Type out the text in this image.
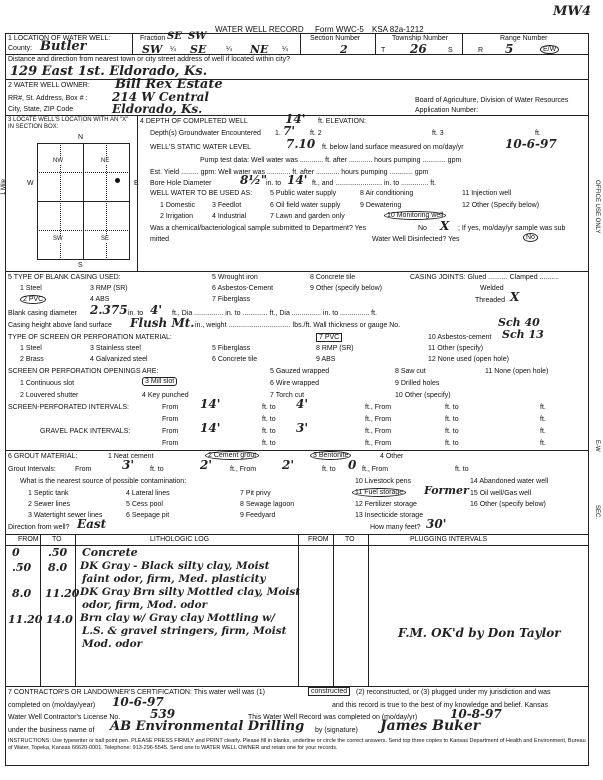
MW4
WATER WELL RECORD Form WWC-5 KSA 82a-1212
1 LOCATION OF WATER WELL:
County: Butler
Fraction SE SW
SW ¼ SE	¼ NE ¼
Section Number
2
Township Number
T 26	S
Range Number
R 5	E/W
Distance and direction from nearest town or city street address of well if located within city?
129 East 1st. Eldorado, Ks.
2 WATER WELL OWNER: Bill Rex Estate
RR#, St. Address, Box # : 214 W Central
City, State, ZIP Code	Eldorado, Ks.
Board of Agriculture, Division of Water Resources
Application Number:
3 LOCATE WELL'S LOCATION WITH AN "X" IN SECTION BOX:
N
S
W	E
1 Mile
NW	NE
SW	SE
4 DEPTH OF COMPLETED WELL	14' ft. ELEVATION:
Depth(s) Groundwater Encountered 1. 7' ft. 2	ft. 3	ft.
WELL'S STATIC WATER LEVEL	7.10 ft. below land surface measured on mo/day/yr	10-6-97
Pump test data: Well water was ............ ft. after ............ hours pumping ............ gpm
Est. Yield ......... gpm: Well water was ............ ft. after ............ hours pumping ............ gpm
Bore Hole Diameter 8½"
in. to 14' ft., and ........................ in. to .............. ft.
WELL WATER TO BE USED AS:
1 Domestic
2 Irrigation
3 Feedlot
4 Industrial
5 Public water supply
7 Lawn and garden only
6 Oil field water supply
8 Air conditioning
9 Dewatering
10 Monitoring well
11 Injection well
12 Other (Specify below)
Was a chemical/bacteriological sample submitted to Department? Yes	No X ; If yes, mo/day/yr sample was sub
mitted	Water Well Disinfected? Yes	No
5 TYPE OF BLANK CASING USED:
1 Steel
2 PVC
3 RMP (SR)
4 ABS
5 Wrought iron
6 Asbestos-Cement
7 Fiberglass
8 Concrete tile
9 Other (specify below)
CASING JOINTS: Glued .......... Clamped ..........
Welded
Threaded X
Blank casing diameter 2.375 in. to 4' ft., Dia ............... in. to ............. ft., Dia ............... in. to ............... ft.
Casing height above land surface Flush Mt. in., weight ................................ lbs./ft. Wall thickness or gauge No.	Sch 40
TYPE OF SCREEN OR PERFORATION MATERIAL:
1 Steel
2 Brass
3 Stainless steel
4 Galvanized steel
5 Fiberglass
6 Concrete tile
7 PVC
8 RMP (SR)
9 ABS
10 Asbestos-cement
11 Other (specify)
12 None used (open hole)
Sch 13
SCREEN OR PERFORATION OPENINGS ARE:
1 Continuous slot
2 Louvered shutter
3 Mill slot
4 Key punched
5 Gauzed wrapped
6 Wire wrapped
7 Torch cut
8 Saw cut
9 Drilled holes
10 Other (specify)
11 None (open hole)
SCREEN-PERFORATED INTERVALS:	From 14'	ft. to 4'	ft., From	ft. to	ft.
From	ft. to	ft., From	ft. to	ft.
GRAVEL PACK INTERVALS:	From 14'	ft. to 3'	ft., From	ft. to	ft.
From	ft. to	ft., From	ft. to	ft.
6 GROUT MATERIAL:	1 Neat cement	2 Cement grout	3 Bentonite	4 Other
Grout Intervals:	From	3' ft. to	2'	ft., From 2'	ft. to 0 ft., From	ft. to
What is the nearest source of possible contamination:
1 Septic tank
2 Sewer lines
3 Watertight sewer lines
4 Lateral lines
5 Cess pool
6 Seepage pit
7 Pit privy
8 Sewage lagoon
9 Feedyard
10 Livestock pens
11 Fuel storage Former
12 Fertilizer storage
13 Insecticide storage
14 Abandoned water well
15 Oil well/Gas well
16 Other (specify below)
Direction from well? East	How many feet? 30'
FROM TO	LITHOLOGIC LOG	PLUGGING INTERVALS
FROM TO
0	.50 Concrete
.50 8.0 DK Gray - Black silty clay, Moist
faint odor, firm, Med. plasticity
8.0 11.20 DK Gray Brn silty Mottled clay, Moist
odor, firm, Mod. odor
11.20 14.0 Brn clay w/ Gray clay Mottling w/
L.S. & gravel stringers, firm, Moist
Mod. odor
F.M. OK'd by Don Taylor
7 CONTRACTOR'S OR LANDOWNER'S CERTIFICATION: This water well was (1)	constructed	(2) reconstructed, or (3) plugged under my jurisdiction and was
completed on (mo/day/year) 10-6-97	and this record is true to the best of my knowledge and belief. Kansas
Water Well Contractor's License No. 539	This Water Well Record was completed on (mo/day/yr)	10-8-97
under the business name of AB Environmental Drilling by (signature) James Buker
INSTRUCTIONS: Use typewriter or ball point pen. PLEASE PRESS FIRMLY and PRINT clearly. Please fill in blanks, underline or circle the correct answers. Send top three copies to Kansas Department of Health and Environment, Bureau of Water, Topeka, Kansas 66620-0001. Telephone: 913-296-5545. Send one to WATER WELL OWNER and retain one for your records.
OFFICE USE ONLY
E-W
SEC.
